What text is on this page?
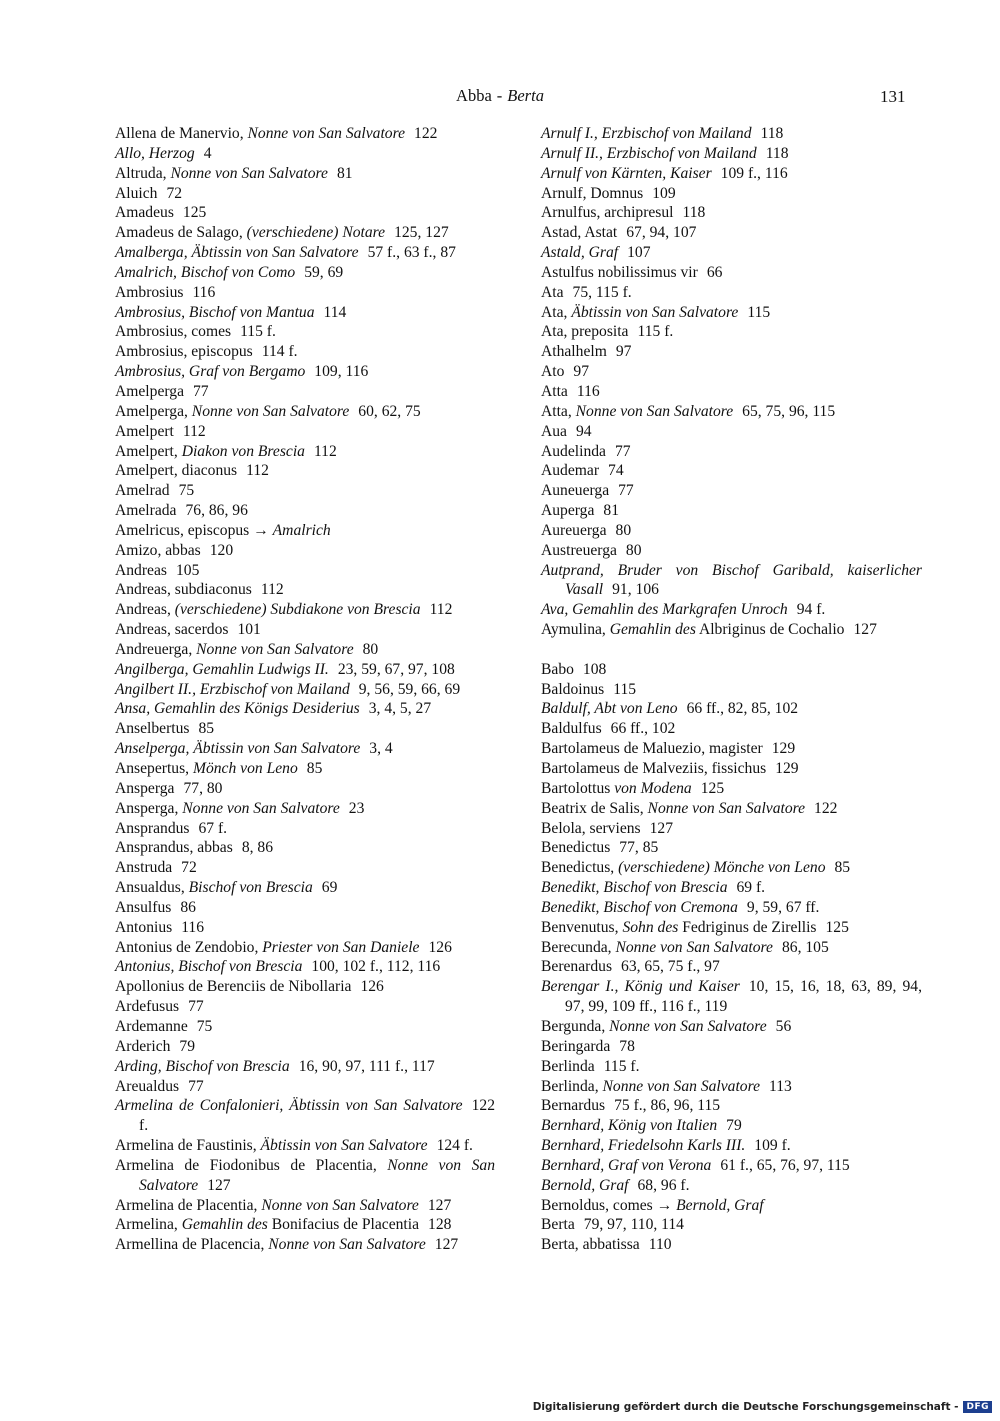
Abba - Berta	131
Allena de Manervio, Nonne von San Salvatore 122
Allo, Herzog 4
Altruda, Nonne von San Salvatore 81
Aluich 72
Amadeus 125
Amadeus de Salago, (verschiedene) Notare 125, 127
Amalberga, Äbtissin von San Salvatore 57 f., 63 f., 87
Amalrich, Bischof von Como 59, 69
Ambrosius 116
Ambrosius, Bischof von Mantua 114
Ambrosius, comes 115 f.
Ambrosius, episcopus 114 f.
Ambrosius, Graf von Bergamo 109, 116
Amelperga 77
Amelperga, Nonne von San Salvatore 60, 62, 75
Amelpert 112
Amelpert, Diakon von Brescia 112
Amelpert, diaconus 112
Amelrad 75
Amelrada 76, 86, 96
Amelricus, episcopus → Amalrich
Amizo, abbas 120
Andreas 105
Andreas, subdiaconus 112
Andreas, (verschiedene) Subdiakone von Brescia 112
Andreas, sacerdos 101
Andreuerga, Nonne von San Salvatore 80
Angilberga, Gemahlin Ludwigs II. 23, 59, 67, 97, 108
Angilbert II., Erzbischof von Mailand 9, 56, 59, 66, 69
Ansa, Gemahlin des Königs Desiderius 3, 4, 5, 27
Anselbertus 85
Anselperga, Äbtissin von San Salvatore 3, 4
Ansepertus, Mönch von Leno 85
Ansperga 77, 80
Ansperga, Nonne von San Salvatore 23
Ansprandus 67 f.
Ansprandus, abbas 8, 86
Anstruda 72
Ansualdus, Bischof von Brescia 69
Ansulfus 86
Antonius 116
Antonius de Zendobio, Priester von San Daniele 126
Antonius, Bischof von Brescia 100, 102 f., 112, 116
Apollonius de Berenciis de Nibollaria 126
Ardefusus 77
Ardemanne 75
Arderich 79
Arding, Bischof von Brescia 16, 90, 97, 111 f., 117
Areualdus 77
Armelina de Confalonieri, Äbtissin von San Salvatore 122 f.
Armelina de Faustinis, Äbtissin von San Salvatore 124 f.
Armelina de Fiodonibus de Placentia, Nonne von San Salvatore 127
Armelina de Placentia, Nonne von San Salvatore 127
Armelina, Gemahlin des Bonifacius de Placentia 128
Armellina de Placencia, Nonne von San Salvatore 127
Arnulf I., Erzbischof von Mailand 118
Arnulf II., Erzbischof von Mailand 118
Arnulf von Kärnten, Kaiser 109 f., 116
Arnulf, Domnus 109
Arnulfus, archipresul 118
Astad, Astat 67, 94, 107
Astald, Graf 107
Astulfus nobilissimus vir 66
Ata 75, 115 f.
Ata, Äbtissin von San Salvatore 115
Ata, preposita 115 f.
Athalhelm 97
Ato 97
Atta 116
Atta, Nonne von San Salvatore 65, 75, 96, 115
Aua 94
Audelinda 77
Audemar 74
Auneuerga 77
Auperga 81
Aureuerga 80
Austreuerga 80
Autprand, Bruder von Bischof Garibald, kaiserlicher Vasall 91, 106
Ava, Gemahlin des Markgrafen Unroch 94 f.
Aymulina, Gemahlin des Albriginus de Cochalio 127
Babo 108
Baldoinus 115
Baldulf, Abt von Leno 66 ff., 82, 85, 102
Baldulfus 66 ff., 102
Bartolameus de Maluezio, magister 129
Bartolameus de Malveziis, fissichus 129
Bartolottus von Modena 125
Beatrix de Salis, Nonne von San Salvatore 122
Belola, serviens 127
Benedictus 77, 85
Benedictus, (verschiedene) Mönche von Leno 85
Benedikt, Bischof von Brescia 69 f.
Benedikt, Bischof von Cremona 9, 59, 67 ff.
Benvenutus, Sohn des Fedriginus de Zirellis 125
Berecunda, Nonne von San Salvatore 86, 105
Berenardus 63, 65, 75 f., 97
Berengar I., König und Kaiser 10, 15, 16, 18, 63, 89, 94, 97, 99, 109 ff., 116 f., 119
Bergunda, Nonne von San Salvatore 56
Beringarda 78
Berlinda 115 f.
Berlinda, Nonne von San Salvatore 113
Bernardus 75 f., 86, 96, 115
Bernhard, König von Italien 79
Bernhard, Friedelsohn Karls III. 109 f.
Bernhard, Graf von Verona 61 f., 65, 76, 97, 115
Bernold, Graf 68, 96 f.
Bernoldus, comes → Bernold, Graf
Berta 79, 97, 110, 114
Berta, abbatissa 110
Digitalisierung gefördert durch die Deutsche Forschungsgemeinschaft - DFG
